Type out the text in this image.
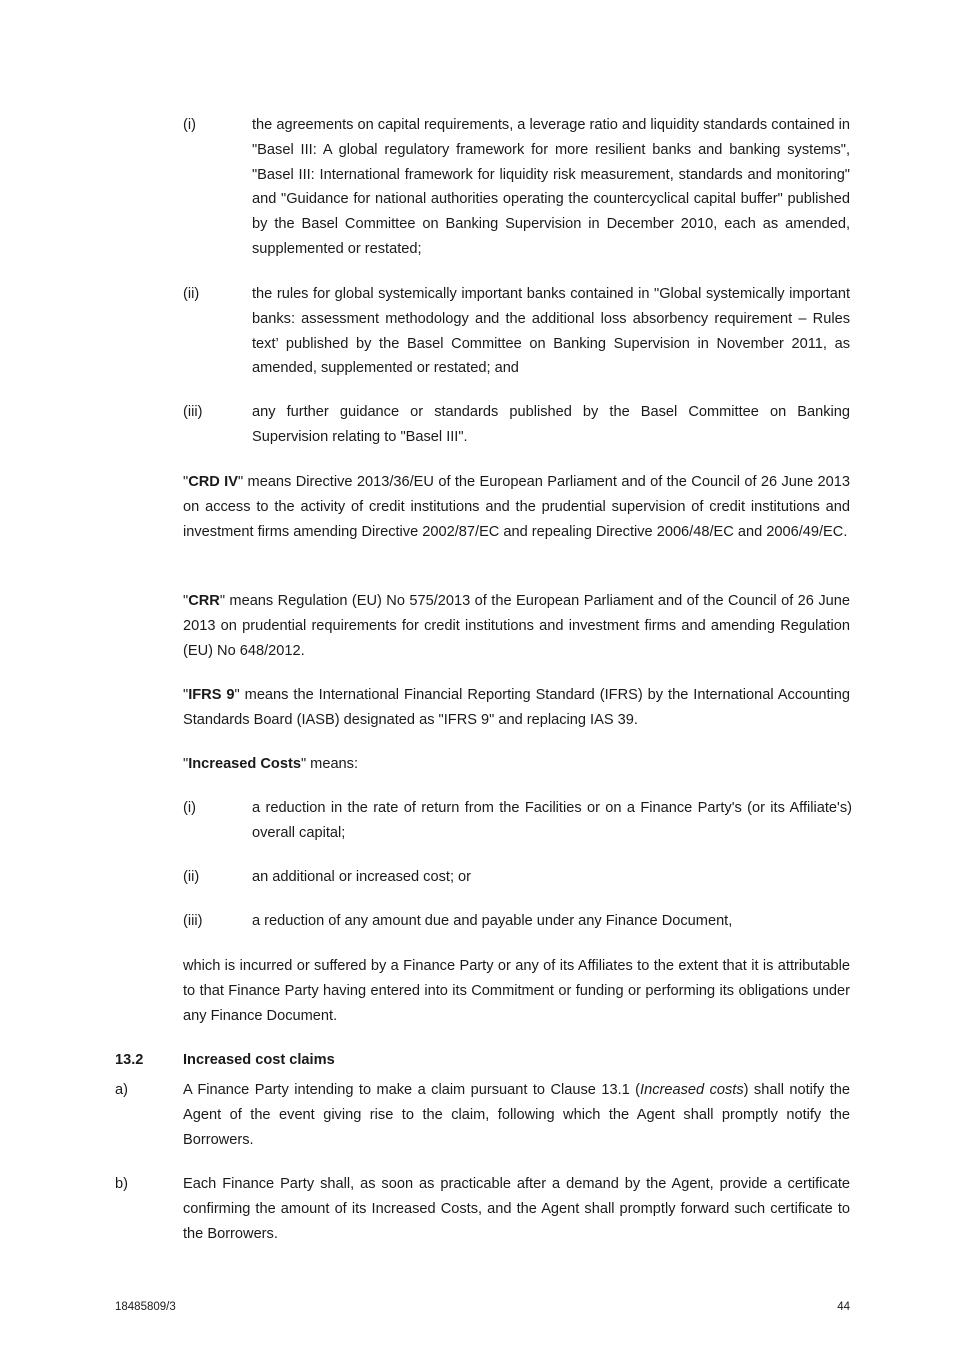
(i)	the agreements on capital requirements, a leverage ratio and liquidity standards contained in "Basel III: A global regulatory framework for more resilient banks and banking systems", "Basel III: International framework for liquidity risk measurement, standards and monitoring" and "Guidance for national authorities operating the countercyclical capital buffer" published by the Basel Committee on Banking Supervision in December 2010, each as amended, supplemented or restated;

(ii)	the rules for global systemically important banks contained in "Global systemically important banks: assessment methodology and the additional loss absorbency requirement – Rules text’ published by the Basel Committee on Banking Supervision in November 2011, as amended, supplemented or restated; and

(iii)	any further guidance or standards published by the Basel Committee on Banking Supervision relating to "Basel III".

"CRD IV" means Directive 2013/36/EU of the European Parliament and of the Council of 26 June 2013 on access to the activity of credit institutions and the prudential supervision of credit institutions and investment firms amending Directive 2002/87/EC and repealing Directive 2006/48/EC and 2006/49/EC.

"CRR" means Regulation (EU) No 575/2013 of the European Parliament and of the Council of 26 June 2013 on prudential requirements for credit institutions and investment firms and amending Regulation (EU) No 648/2012.

"IFRS 9" means the International Financial Reporting Standard (IFRS) by the International Accounting Standards Board (IASB) designated as "IFRS 9" and replacing IAS 39.

"Increased Costs" means:

(i)	a reduction in the rate of return from the Facilities or on a Finance Party's (or its Affiliate's) overall capital;

(ii)	an additional or increased cost; or

(iii)	a reduction of any amount due and payable under any Finance Document,

which is incurred or suffered by a Finance Party or any of its Affiliates to the extent that it is attributable to that Finance Party having entered into its Commitment or funding or performing its obligations under any Finance Document.

13.2	Increased cost claims
a)	A Finance Party intending to make a claim pursuant to Clause 13.1 (Increased costs) shall notify the Agent of the event giving rise to the claim, following which the Agent shall promptly notify the Borrowers.

b)	Each Finance Party shall, as soon as practicable after a demand by the Agent, provide a certificate confirming the amount of its Increased Costs, and the Agent shall promptly forward such certificate to the Borrowers.

18485809/3	44
